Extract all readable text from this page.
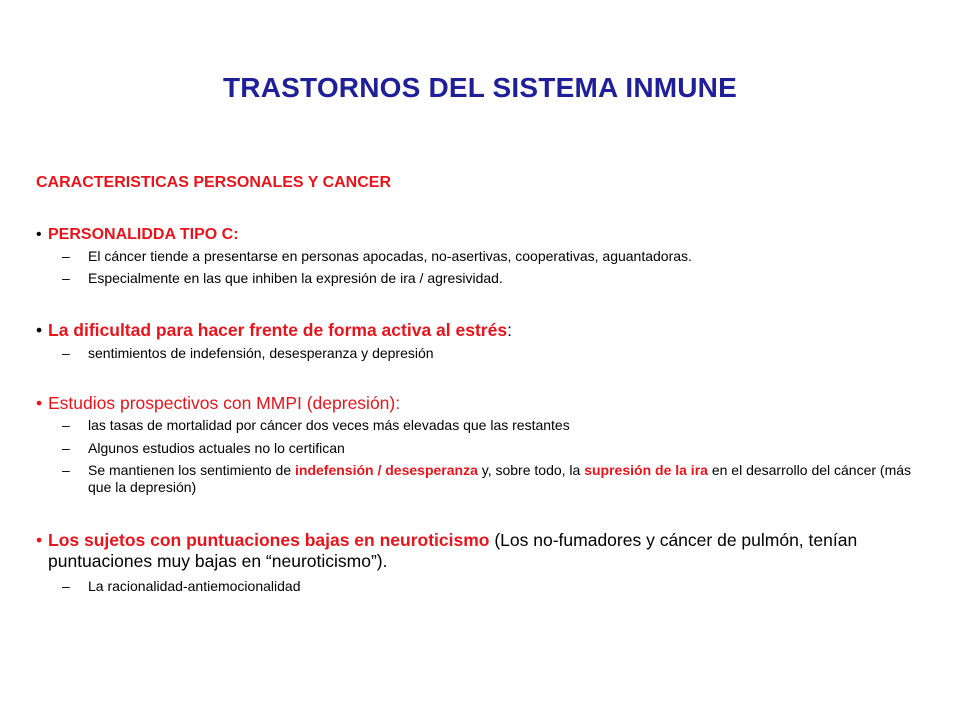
TRASTORNOS DEL SISTEMA INMUNE
CARACTERISTICAS PERSONALES Y CANCER
• PERSONALIDDA TIPO C:
– El cáncer tiende a presentarse en personas apocadas, no-asertivas, cooperativas, aguantadoras.
– Especialmente en las que inhiben la expresión de ira / agresividad.
• La dificultad para hacer frente de forma activa al estrés:
– sentimientos de indefensión, desesperanza y depresión
• Estudios prospectivos con MMPI (depresión):
– las tasas de mortalidad por cáncer dos veces más elevadas que las restantes
– Algunos estudios actuales no lo certifican
– Se mantienen los sentimiento de indefensión / desesperanza y, sobre todo, la supresión de la ira en el desarrollo del cáncer (más que la depresión)
• Los sujetos con puntuaciones bajas en neuroticismo (Los no-fumadores y cáncer de pulmón, tenían puntuaciones muy bajas en “neuroticismo”).
– La racionalidad-antiemocionalidad
